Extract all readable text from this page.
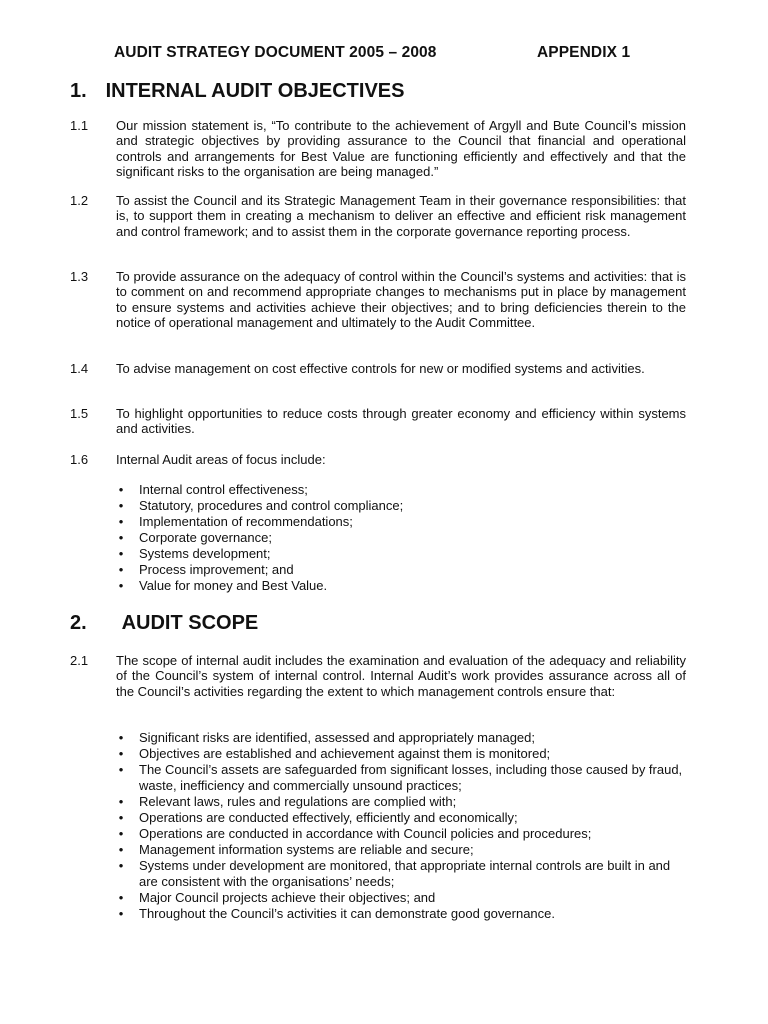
AUDIT STRATEGY DOCUMENT 2005 – 2008	APPENDIX 1
1. INTERNAL AUDIT OBJECTIVES
1.1	Our mission statement is, “To contribute to the achievement of Argyll and Bute Council’s mission and strategic objectives by providing assurance to the Council that financial and operational controls and arrangements for Best Value are functioning efficiently and effectively and that the significant risks to the organisation are being managed.”
1.2	To assist the Council and its Strategic Management Team in their governance responsibilities: that is, to support them in creating a mechanism to deliver an effective and efficient risk management and control framework; and to assist them in the corporate governance reporting process.
1.3	To provide assurance on the adequacy of control within the Council’s systems and activities: that is to comment on and recommend appropriate changes to mechanisms put in place by management to ensure systems and activities achieve their objectives; and to bring deficiencies therein to the notice of operational management and ultimately to the Audit Committee.
1.4	To advise management on cost effective controls for new or modified systems and activities.
1.5	To highlight opportunities to reduce costs through greater economy and efficiency within systems and activities.
1.6	Internal Audit areas of focus include:
• Internal control effectiveness;
• Statutory, procedures and control compliance;
• Implementation of recommendations;
• Corporate governance;
• Systems development;
• Process improvement; and
• Value for money and Best Value.
2. AUDIT SCOPE
2.1	The scope of internal audit includes the examination and evaluation of the adequacy and reliability of the Council’s system of internal control. Internal Audit’s work provides assurance across all of the Council’s activities regarding the extent to which management controls ensure that:
• Significant risks are identified, assessed and appropriately managed;
• Objectives are established and achievement against them is monitored;
• The Council’s assets are safeguarded from significant losses, including those caused by fraud, waste, inefficiency and commercially unsound practices;
• Relevant laws, rules and regulations are complied with;
• Operations are conducted effectively, efficiently and economically;
• Operations are conducted in accordance with Council policies and procedures;
• Management information systems are reliable and secure;
• Systems under development are monitored, that appropriate internal controls are built in and are consistent with the organisations’ needs;
• Major Council projects achieve their objectives; and
• Throughout the Council’s activities it can demonstrate good governance.
